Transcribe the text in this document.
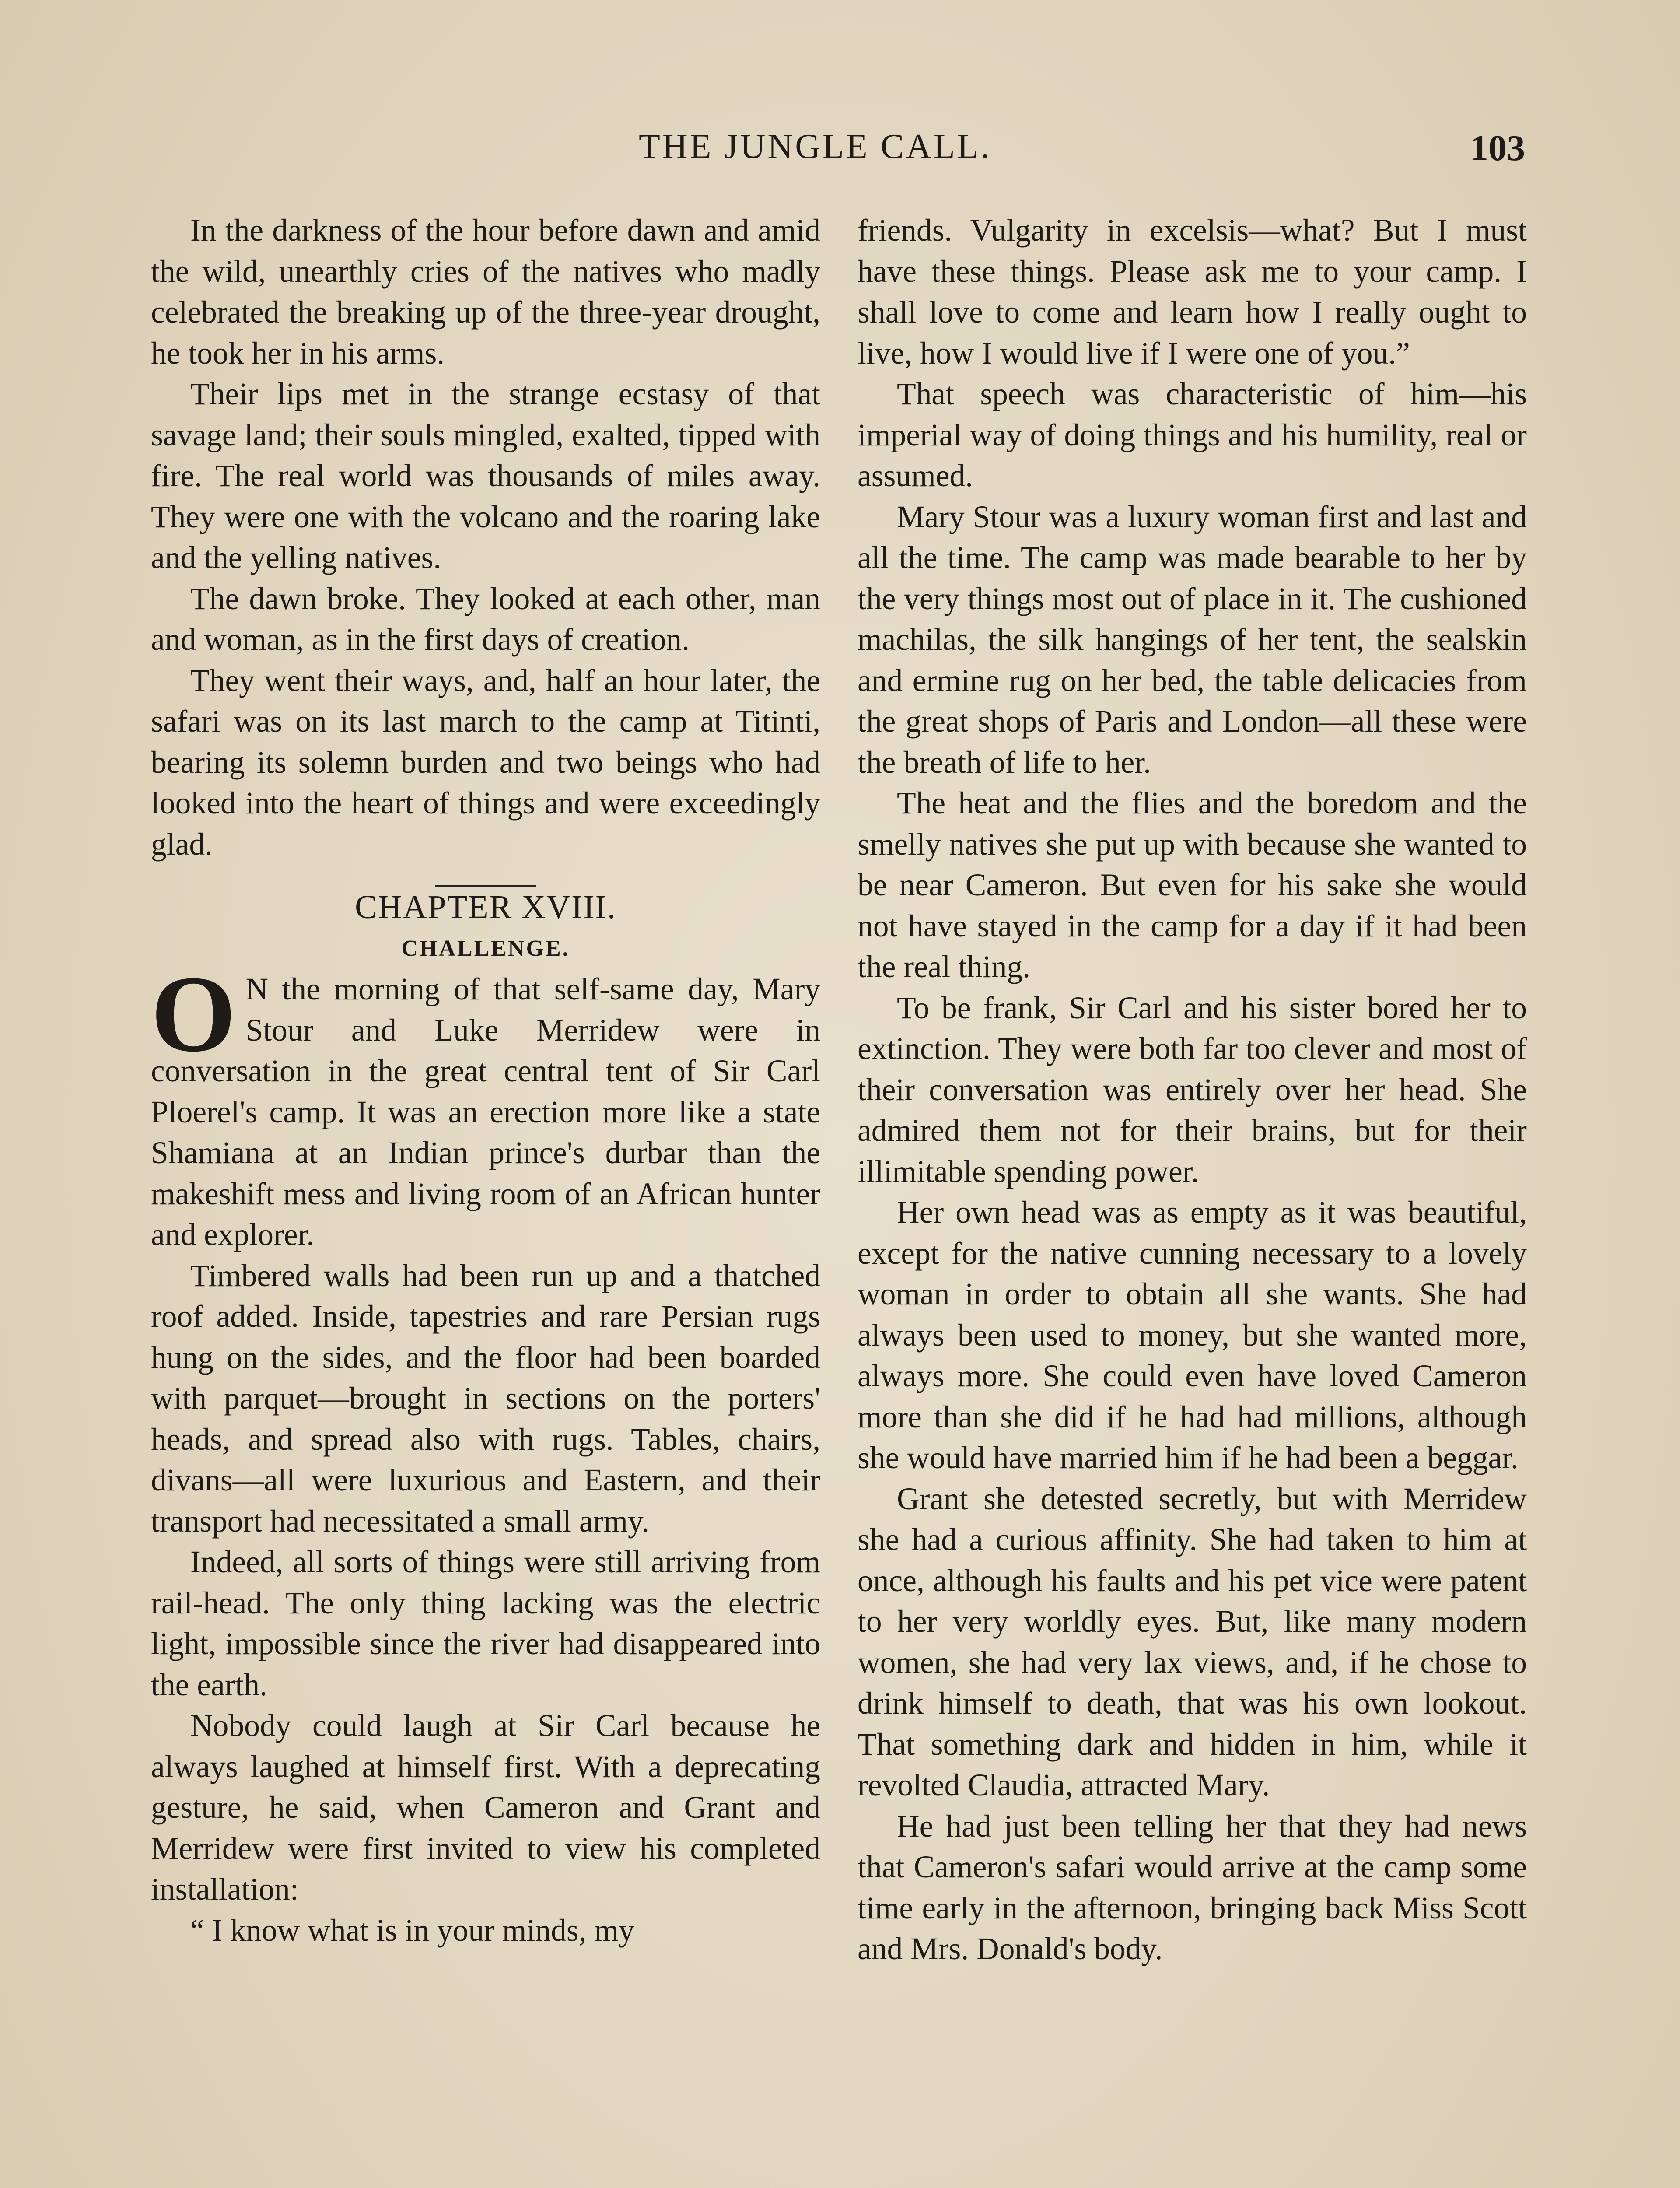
THE JUNGLE CALL.	103

In the darkness of the hour before dawn and amid the wild, unearthly cries of the natives who madly celebrated the breaking up of the three-year drought, he took her in his arms.

Their lips met in the strange ecstasy of that savage land; their souls mingled, exalted, tipped with fire. The real world was thousands of miles away. They were one with the volcano and the roaring lake and the yelling natives.

The dawn broke. They looked at each other, man and woman, as in the first days of creation.

They went their ways, and, half an hour later, the safari was on its last march to the camp at Titinti, bearing its solemn burden and two beings who had looked into the heart of things and were exceedingly glad.

CHAPTER XVIII.

CHALLENGE.

O N the morning of that self-same day, Mary Stour and Luke Merridew were in conversation in the great central tent of Sir Carl Ploerel's camp. It was an erection more like a state Shamiana at an Indian prince's durbar than the makeshift mess and living room of an African hunter and explorer.

Timbered walls had been run up and a thatched roof added. Inside, tapestries and rare Persian rugs hung on the sides, and the floor had been boarded with parquet—brought in sections on the porters' heads, and spread also with rugs. Tables, chairs, divans—all were luxurious and Eastern, and their transport had necessitated a small army.

Indeed, all sorts of things were still arriving from rail-head. The only thing lacking was the electric light, impossible since the river had disappeared into the earth.

Nobody could laugh at Sir Carl because he always laughed at himself first. With a deprecating gesture, he said, when Cameron and Grant and Merridew were first invited to view his completed installation:

“ I know what is in your minds, my

friends. Vulgarity in excelsis—what? But I must have these things. Please ask me to your camp. I shall love to come and learn how I really ought to live, how I would live if I were one of you.”

That speech was characteristic of him—his imperial way of doing things and his humility, real or assumed.

Mary Stour was a luxury woman first and last and all the time. The camp was made bearable to her by the very things most out of place in it. The cushioned machilas, the silk hangings of her tent, the sealskin and ermine rug on her bed, the table delicacies from the great shops of Paris and London—all these were the breath of life to her.

The heat and the flies and the boredom and the smelly natives she put up with because she wanted to be near Cameron. But even for his sake she would not have stayed in the camp for a day if it had been the real thing.

To be frank, Sir Carl and his sister bored her to extinction. They were both far too clever and most of their conversation was entirely over her head. She admired them not for their brains, but for their illimitable spending power.

Her own head was as empty as it was beautiful, except for the native cunning necessary to a lovely woman in order to obtain all she wants. She had always been used to money, but she wanted more, always more. She could even have loved Cameron more than she did if he had had millions, although she would have married him if he had been a beggar.

Grant she detested secretly, but with Merridew she had a curious affinity. She had taken to him at once, although his faults and his pet vice were patent to her very worldly eyes. But, like many modern women, she had very lax views, and, if he chose to drink himself to death, that was his own lookout. That something dark and hidden in him, while it revolted Claudia, attracted Mary.

He had just been telling her that they had news that Cameron's safari would arrive at the camp some time early in the afternoon, bringing back Miss Scott and Mrs. Donald's body.
